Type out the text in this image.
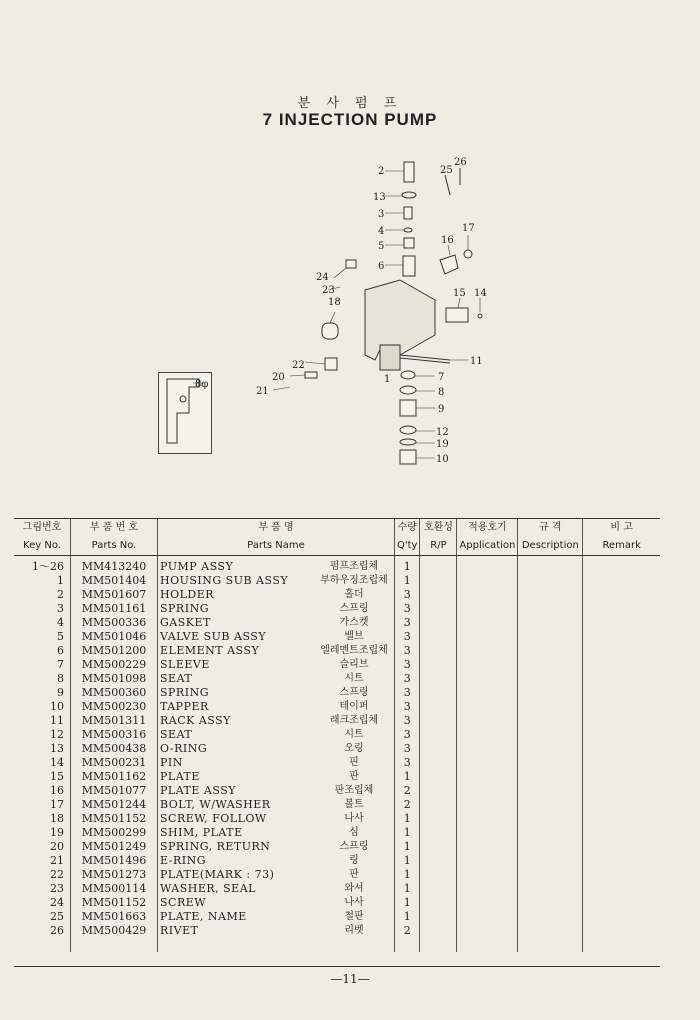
분 사 펌 프
7 INJECTION PUMP
2
13
3
4
5
6
25
26
17
16
24
23
18
15 14
11
22
20
21
1	7
8
9
12
19
10
8φ
그림번호	부 품 번 호	부 품 명		수량	호환성	적용호기	규 격	비 고
Key No.	Parts No.	Parts Name		Q'ty	R/P	Application	Description	Remark
1～26	MM413240	PUMP ASSY	펌프조립체	1				
1	MM501404	HOUSING SUB ASSY	부하우징조립체	1				
2	MM501607	HOLDER	홀더	3				
3	MM501161	SPRING	스프링	3				
4	MM500336	GASKET	가스켓	3				
5	MM501046	VALVE SUB ASSY	밸브	3				
6	MM501200	ELEMENT ASSY	엘레멘트조립체	3				
7	MM500229	SLEEVE	슬리브	3				
8	MM501098	SEAT	시트	3				
9	MM500360	SPRING	스프링	3				
10	MM500230	TAPPER	테이퍼	3				
11	MM501311	RACK ASSY	래크조립체	3				
12	MM500316	SEAT	시트	3				
13	MM500438	O-RING	오링	3				
14	MM500231	PIN	핀	3				
15	MM501162	PLATE	판	1				
16	MM501077	PLATE ASSY	판조립체	2				
17	MM501244	BOLT, W/WASHER	볼트	2				
18	MM501152	SCREW, FOLLOW	나사	1				
19	MM500299	SHIM, PLATE	심	1				
20	MM501249	SPRING, RETURN	스프링	1				
21	MM501496	E-RING	링	1				
22	MM501273	PLATE(MARK : 73)	판	1				
23	MM500114	WASHER, SEAL	와셔	1				
24	MM501152	SCREW	나사	1				
25	MM501663	PLATE, NAME	철판	1				
26	MM500429	RIVET	리벳	2				

—11—
